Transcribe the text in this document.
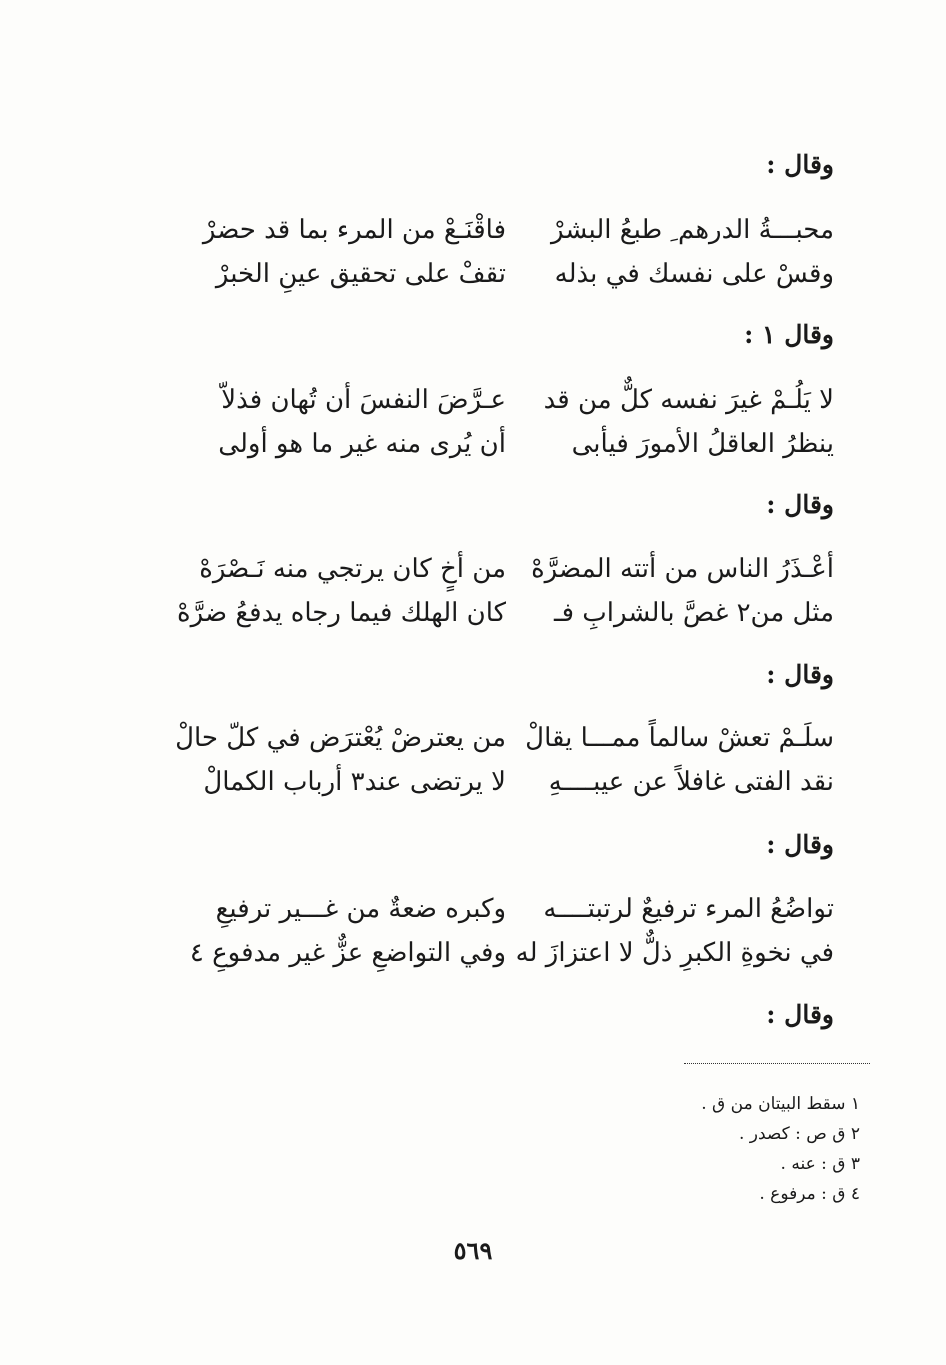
وقال :
محبـــةُ الدرهم ِ طبعُ البشرْ
فاقْنَـعْ من المرء بما قد حضرْ
وقسْ على نفسك في بذله
تقفْ على تحقيق عينِ الخبرْ
وقال ١ :
لا يَلُـمْ غيرَ نفسه كلٌّ من قد
عـرَّضَ النفسَ أن تُهان فذلاّ
ينظرُ العاقلُ الأمورَ فيأبى
أن يُرى منه غير ما هو أولى
وقال :
أعْـذَرُ الناس من أتته المضرَّهْ
من أخٍ كان يرتجي منه نَـصْرَهْ
مثل من٢ غصَّ بالشرابِ فـ
كان الهلك فيما رجاه يدفعُ ضرَّهْ
وقال :
سلَـمْ تعشْ سالماً ممـــا يقالْ
من يعترضْ يُعْترَض في كلّ حالْ
نقد الفتى غافلاً عن عيبــــهِ
لا يرتضى عند٣ أرباب الكمالْ
وقال :
تواضُعُ المرء ترفيعٌ لرتبتــــه
وكبره ضعةٌ من غـــير ترفيعِ
في نخوةِ الكبرِ ذلٌّ لا اعتزازَ له
وفي التواضعِ عزٌّ غير مدفوعِ ٤
وقال :
١ سقط البيتان من ق .
٢ ق ص : كصدر .
٣ ق : عنه .
٤ ق : مرفوع .
٥٦٩
